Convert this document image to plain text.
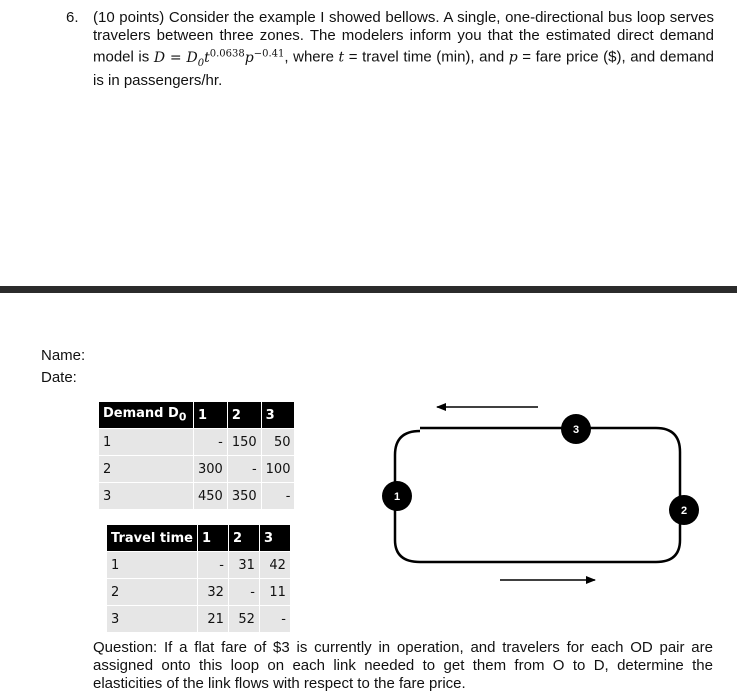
6. (10 points) Consider the example I showed bellows. A single, one-directional bus loop serves travelers between three zones. The modelers inform you that the estimated direct demand model is $D = D_0t^{0.0638}p^{-0.41}$, where t = travel time (min), and p = fare price ($), and demand is in passengers/hr.
Name:
Date:
Demand $D_0$	1	2	3
1	-	150	50
2	300	-	100
3	450	350	-
Travel time	1	2	3
1	-	31	42
2	32	-	11
3	21	52	-
1
2
3
Question: If a flat fare of $3 is currently in operation, and travelers for each OD pair are assigned onto this loop on each link needed to get them from O to D, determine the elasticities of the link flows with respect to the fare price.
